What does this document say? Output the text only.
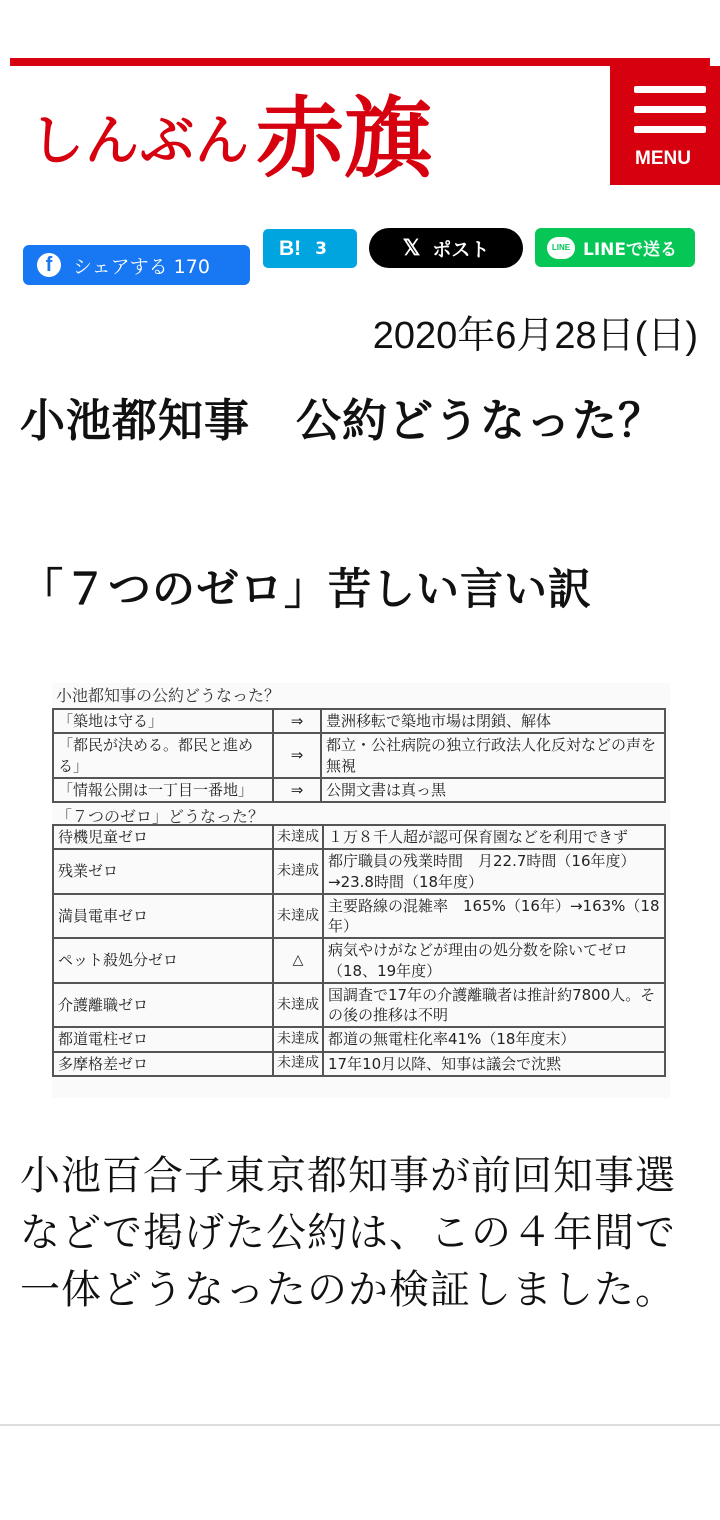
しんぶん 赤旗	MENU
f	シェアする 170
B! 3	𝕏 ポスト	LINE LINEで送る
2020年6月28日(日)
小池都知事　公約どうなった？
「７つのゼロ」苦しい言い訳
小池都知事の公約どうなった？
「築地は守る」	⇒	豊洲移転で築地市場は閉鎖、解体
「都民が決める。都民と進める」	⇒	都立・公社病院の独立行政法人化反対などの声を無視
「情報公開は一丁目一番地」	⇒	公開文書は真っ黒
「７つのゼロ」どうなった？
待機児童ゼロ	未達成	１万８千人超が認可保育園などを利用できず
残業ゼロ	未達成	都庁職員の残業時間　月22.7時間（16年度）→23.8時間（18年度）
満員電車ゼロ	未達成	主要路線の混雑率　165%（16年）→163%（18年）
ペット殺処分ゼロ	△	病気やけがなどが理由の処分数を除いてゼロ（18、19年度）
介護離職ゼロ	未達成	国調査で17年の介護離職者は推計約7800人。その後の推移は不明
都道電柱ゼロ	未達成	都道の無電柱化率41%（18年度末）
多摩格差ゼロ	未達成	17年10月以降、知事は議会で沈黙

小池百合子東京都知事が前回知事選などで掲げた公約は、この４年間で一体どうなったのか検証しました。
